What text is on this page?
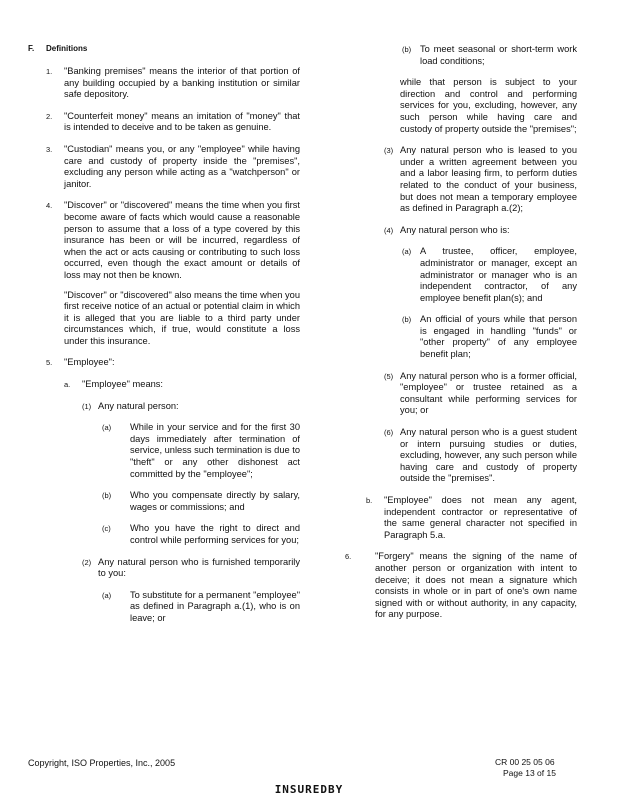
F. Definitions
1. "Banking premises" means the interior of that portion of any building occupied by a banking institution or similar safe depository.

2. "Counterfeit money" means an imitation of "money" that is intended to deceive and to be taken as genuine.

3. "Custodian" means you, or any "employee" while having care and custody of property inside the "premises", excluding any person while acting as a "watchperson" or janitor.

4. "Discover" or "discovered" means the time when you first become aware of facts which would cause a reasonable person to assume that a loss of a type covered by this insurance has been or will be incurred, regardless of when the act or acts causing or contributing to such loss occurred, even though the exact amount or details of loss may not then be known.

"Discover" or "discovered" also means the time when you first receive notice of an actual or potential claim in which it is alleged that you are liable to a third party under circumstances which, if true, would constitute a loss under this insurance.

5. "Employee":

a. "Employee" means:

(1) Any natural person:

(a) While in your service and for the first 30 days immediately after termination of service, unless such termination is due to "theft" or any other dishonest act committed by the "employee";

(b) Who you compensate directly by salary, wages or commissions; and

(c) Who you have the right to direct and control while performing services for you;

(2) Any natural person who is furnished temporarily to you:

(a) To substitute for a permanent "employee" as defined in Paragraph a.(1), who is on leave; or

(b) To meet seasonal or short-term work load conditions;

while that person is subject to your direction and control and performing services for you, excluding, however, any such person while having care and custody of property outside the "premises";

(3) Any natural person who is leased to you under a written agreement between you and a labor leasing firm, to perform duties related to the conduct of your business, but does not mean a temporary employee as defined in Paragraph a.(2);

(4) Any natural person who is:

(a) A trustee, officer, employee, administrator or manager, except an administrator or manager who is an independent contractor, of any employee benefit plan(s); and

(b) An official of yours while that person is engaged in handling "funds" or "other property" of any employee benefit plan;

(5) Any natural person who is a former official, "employee" or trustee retained as a consultant while performing services for you; or

(6) Any natural person who is a guest student or intern pursuing studies or duties, excluding, however, any such person while having care and custody of property outside the "premises".

b. "Employee" does not mean any agent, independent contractor or representative of the same general character not specified in Paragraph 5.a.

6.	"Forgery" means the signing of the name of another person or organization with intent to deceive; it does not mean a signature which consists in whole or in part of one's own name signed with or without authority, in any capacity, for any purpose.

Copyright, ISO Properties, Inc., 2005	CR 00 25 05 06
Page 13 of 15
INSUREDBY
